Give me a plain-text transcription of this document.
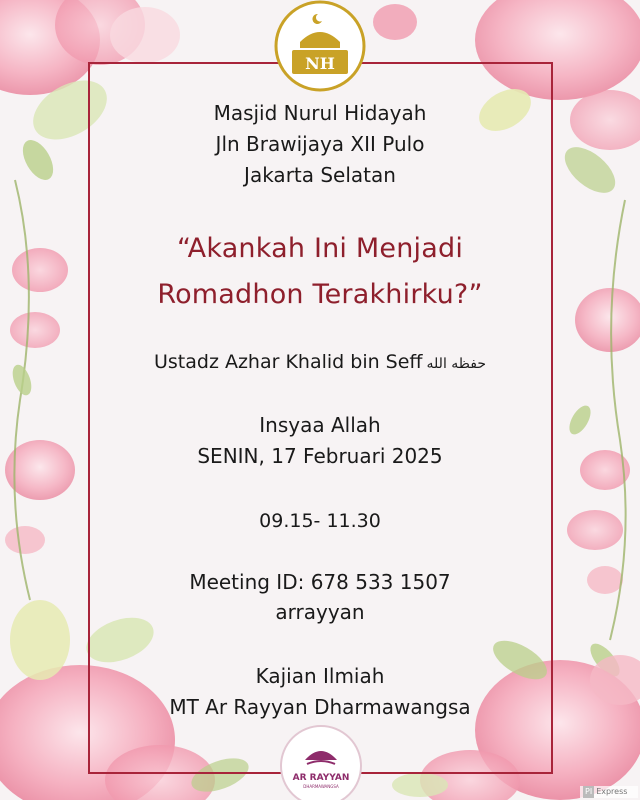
NH
Masjid Nurul Hidayah
Jln Brawijaya XII Pulo
Jakarta Selatan
“Akankah Ini Menjadi
Romadhon Terakhirku?”
Ustadz Azhar Khalid bin Seff حفظه الله
Insyaa Allah
SENIN, 17 Februari 2025
09.15- 11.30
Meeting ID: 678 533 1507
arrayyan
Kajian Ilmiah
MT Ar Rayyan Dharmawangsa
AR RAYYAN
DHARMAWANGSA
PI Express
